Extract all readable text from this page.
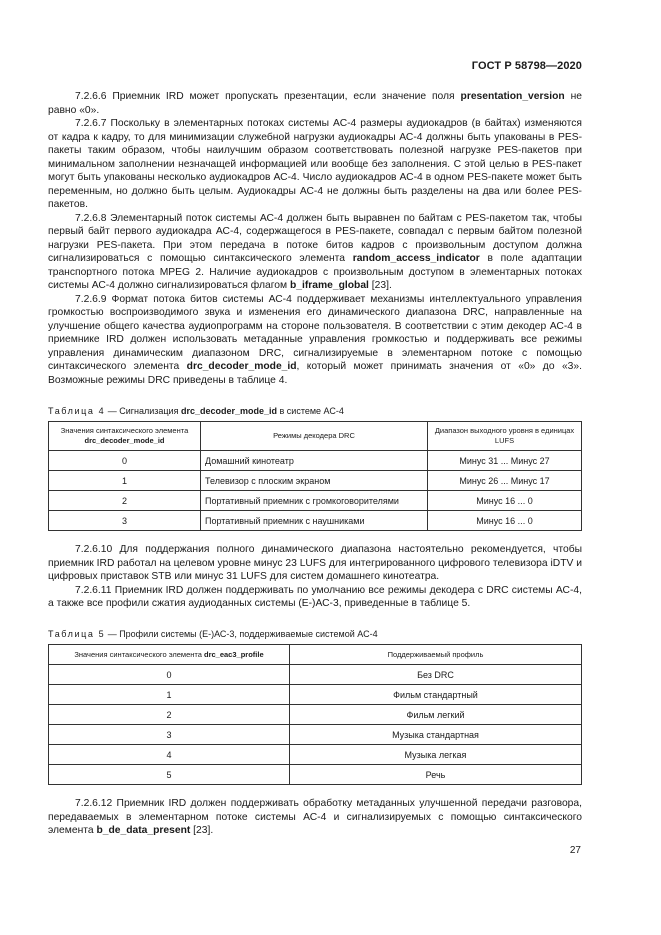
ГОСТ Р 58798—2020

7.2.6.6 Приемник IRD может пропускать презентации, если значение поля presentation_version не равно «0».

7.2.6.7 Поскольку в элементарных потоках системы АС-4 размеры аудиокадров (в байтах) изменяются от кадра к кадру, то для минимизации служебной нагрузки аудиокадры АС-4 должны быть упакованы в PES-пакеты таким образом, чтобы наилучшим образом соответствовать полезной нагрузке PES-пакетов при минимальном заполнении незначащей информацией или вообще без заполнения. С этой целью в PES-пакет могут быть упакованы несколько аудиокадров АС-4. Число аудиокадров АС-4 в одном PES-пакете может быть переменным, но должно быть целым. Аудиокадры АС-4 не должны быть разделены на два или более PES-пакетов.

7.2.6.8 Элементарный поток системы АС-4 должен быть выравнен по байтам с PES-пакетом так, чтобы первый байт первого аудиокадра АС-4, содержащегося в PES-пакете, совпадал с первым байтом полезной нагрузки PES-пакета. При этом передача в потоке битов кадров с произвольным доступом должна сигнализироваться с помощью синтаксического элемента random_access_indicator в поле адаптации транспортного потока MPEG 2. Наличие аудиокадров с произвольным доступом в элементарных потоках системы АС-4 должно сигнализироваться флагом b_iframe_global [23].

7.2.6.9 Формат потока битов системы АС-4 поддерживает механизмы интеллектуального управления громкостью воспроизводимого звука и изменения его динамического диапазона DRC, направленные на улучшение общего качества аудиопрограмм на стороне пользователя. В соответствии с этим декодер АС-4 в приемнике IRD должен использовать метаданные управления громкостью и поддерживать все режимы управления динамическим диапазоном DRC, сигнализируемые в элементарном потоке с помощью синтаксического элемента drc_decoder_mode_id, который может принимать значения от «0» до «3». Возможные режимы DRC приведены в таблице 4.

Таблица 4 — Сигнализация drc_decoder_mode_id в системе АС-4
Значения синтаксического элемента drc_decoder_mode_id	Режимы декодера DRC	Диапазон выходного уровня в единицах LUFS
0	Домашний кинотеатр	Минус 31 ... Минус 27
1	Телевизор с плоским экраном	Минус 26 ... Минус 17
2	Портативный приемник с громкоговорителями	Минус 16 ... 0
3	Портативный приемник с наушниками	Минус 16 ... 0

7.2.6.10 Для поддержания полного динамического диапазона настоятельно рекомендуется, чтобы приемник IRD работал на целевом уровне минус 23 LUFS для интегрированного цифрового телевизора iDTV и цифровых приставок STB или минус 31 LUFS для систем домашнего кинотеатра.

7.2.6.11 Приемник IRD должен поддерживать по умолчанию все режимы декодера с DRC системы АС-4, а также все профили сжатия аудиоданных системы (Е-)АС-3, приведенные в таблице 5.

Таблица 5 — Профили системы (Е-)АС-3, поддерживаемые системой АС-4
Значения синтаксического элемента drc_eac3_profile	Поддерживаемый профиль
0	Без DRC
1	Фильм стандартный
2	Фильм легкий
3	Музыка стандартная
4	Музыка легкая
5	Речь

7.2.6.12 Приемник IRD должен поддерживать обработку метаданных улучшенной передачи разговора, передаваемых в элементарном потоке системы АС-4 и сигнализируемых с помощью синтаксического элемента b_de_data_present [23].

27
